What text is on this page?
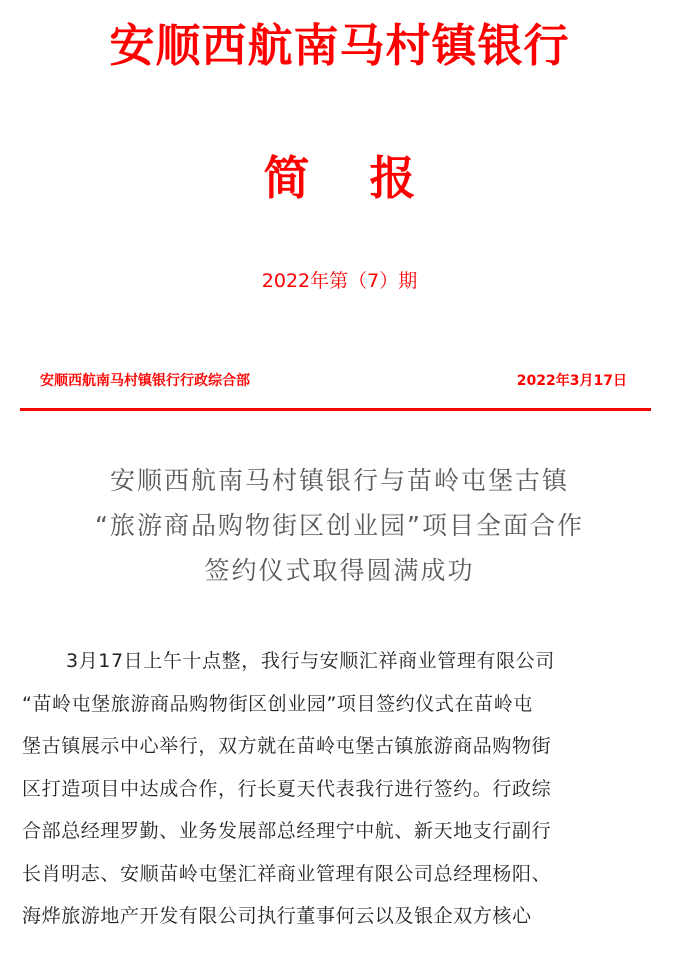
安顺西航南马村镇银行
简报
2022年第（7）期
安顺西航南马村镇银行行政综合部	2022年3月17日
安顺西航南马村镇银行与苗岭屯堡古镇
“旅游商品购物街区创业园”项目全面合作
签约仪式取得圆满成功
3月17日上午十点整，我行与安顺汇祥商业管理有限公司
“苗岭屯堡旅游商品购物街区创业园”项目签约仪式在苗岭屯
堡古镇展示中心举行，双方就在苗岭屯堡古镇旅游商品购物街
区打造项目中达成合作，行长夏天代表我行进行签约。行政综
合部总经理罗勤、业务发展部总经理宁中航、新天地支行副行
长肖明志、安顺苗岭屯堡汇祥商业管理有限公司总经理杨阳、
海烨旅游地产开发有限公司执行董事何云以及银企双方核心
